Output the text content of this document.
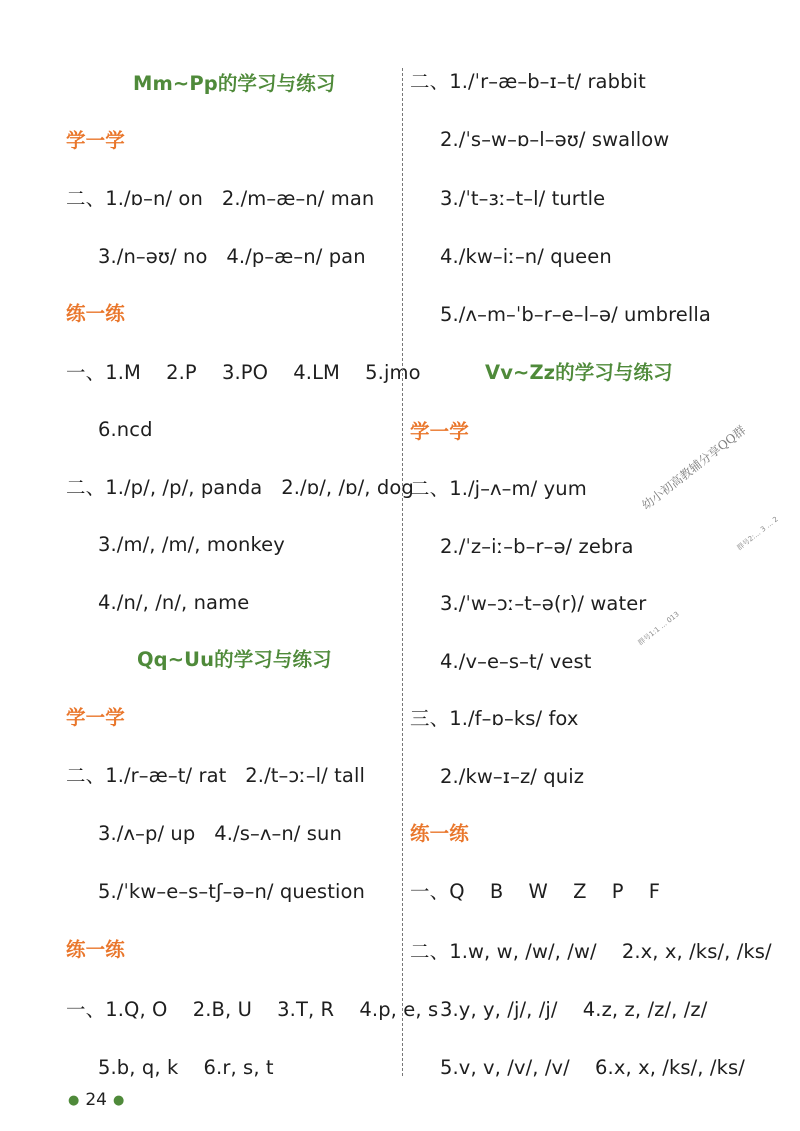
Mm~Pp的学习与练习
学一学
二、1./ɒ–n/ on   2./m–æ–n/ man
3./n–əʊ/ no   4./p–æ–n/ pan
练一练
一、1.M    2.P    3.PO    4.LM    5.jmo
6.ncd
二、1./p/, /p/, panda   2./ɒ/, /ɒ/, dog
3./m/, /m/, monkey
4./n/, /n/, name
Qq~Uu的学习与练习
学一学
二、1./r–æ–t/ rat   2./t–ɔː–l/ tall
3./ʌ–p/ up   4./s–ʌ–n/ sun
5./ˈkw–e–s–tʃ–ə–n/ question
练一练
一、1.Q, O    2.B, U    3.T, R    4.p, e, s
5.b, q, k    6.r, s, t
二、1./ˈr–æ–b–ɪ–t/ rabbit
2./ˈs–w–ɒ–l–əʊ/ swallow
3./ˈt–ɜː–t–l/ turtle
4./kw–iː–n/ queen
5./ʌ–m–ˈb–r–e–l–ə/ umbrella
Vv~Zz的学习与练习
学一学
二、1./j–ʌ–m/ yum
2./ˈz–iː–b–r–ə/ zebra
3./ˈw–ɔː–t–ə(r)/ water
4./v–e–s–t/ vest
三、1./f–ɒ–ks/ fox
2./kw–ɪ–z/ quiz
练一练
一、Q    B    W    Z    P    F
二、1.w, w, /w/, /w/    2.x, x, /ks/, /ks/
3.y, y, /j/, /j/    4.z, z, /z/, /z/
5.v, v, /v/, /v/    6.x, x, /ks/, /ks/
幼小初高教辅分享QQ群
群号1:1 ... 013
群号2:... 3 ... 2
● 24 ●
